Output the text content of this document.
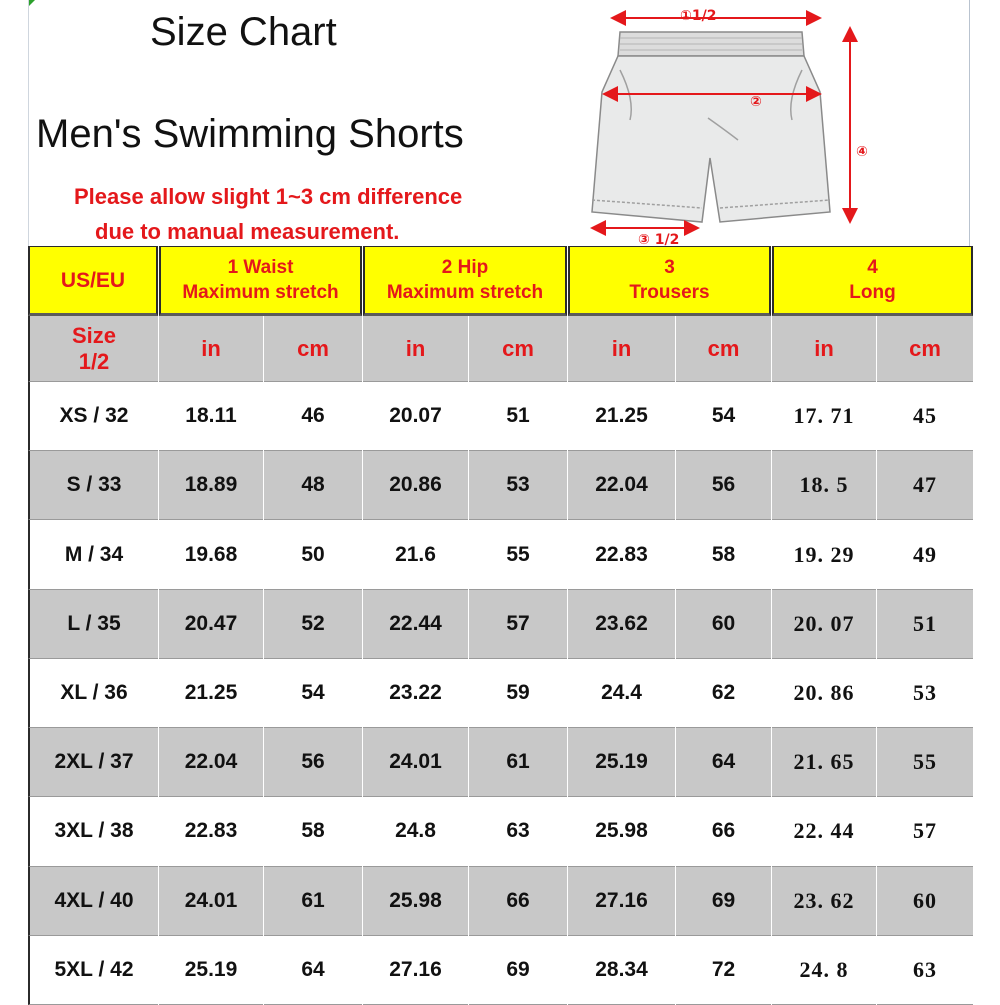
Size Chart
Men's Swimming Shorts
Please allow slight 1~3 cm difference
due to manual measurement.
①1/2
②
③ 1/2
④
US/EU
1 Waist
Maximum stretch
2 Hip
Maximum stretch
3
Trousers
4
Long
Size
1/2
in	cm	in	cm	in	cm	in	cm
XS / 32	18.11	46	20.07	51	21.25	54	17. 71	45
S / 33	18.89	48	20.86	53	22.04	56	18. 5	47
M / 34	19.68	50	21.6	55	22.83	58	19. 29	49
L / 35	20.47	52	22.44	57	23.62	60	20. 07	51
XL / 36	21.25	54	23.22	59	24.4	62	20. 86	53
2XL / 37	22.04	56	24.01	61	25.19	64	21. 65	55
3XL / 38	22.83	58	24.8	63	25.98	66	22. 44	57
4XL / 40	24.01	61	25.98	66	27.16	69	23. 62	60
5XL / 42	25.19	64	27.16	69	28.34	72	24. 8	63
